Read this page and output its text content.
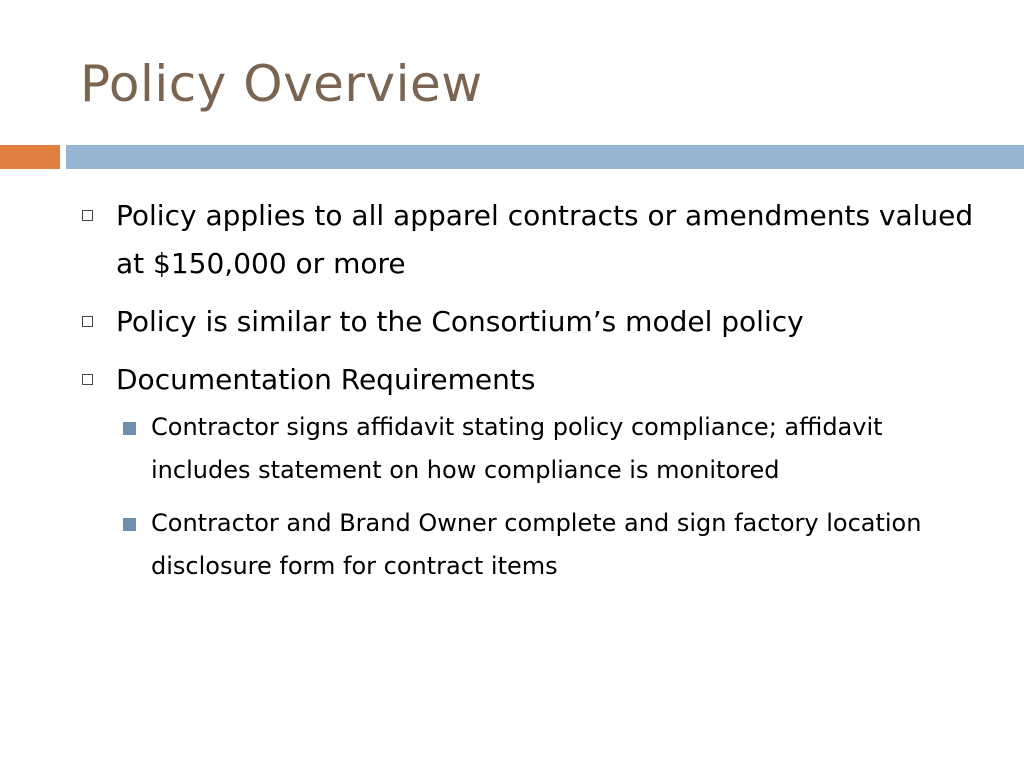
Policy Overview
Policy applies to all apparel contracts or amendments valued at $150,000 or more
Policy is similar to the Consortium’s model policy
Documentation Requirements
Contractor signs affidavit stating policy compliance; affidavit includes statement on how compliance is monitored
Contractor and Brand Owner complete and sign factory location disclosure form for contract items
